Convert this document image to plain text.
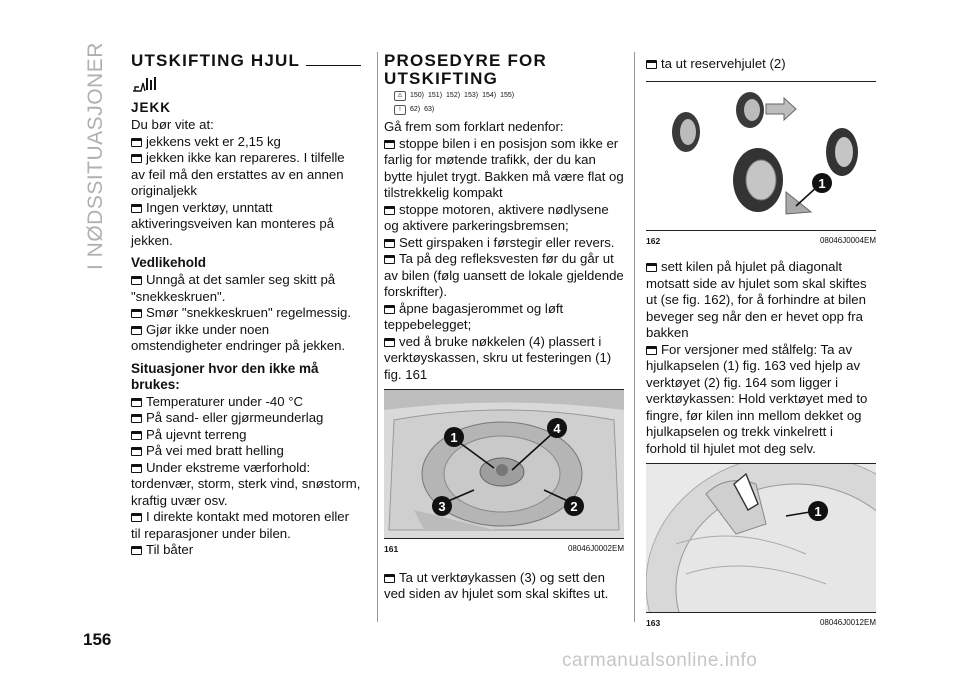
I NØDSSITUASJONER UTSKIFTING HJUL
JEKK

Du bør vite at:

jekkens vekt er 2,15 kg

jekken ikke kan repareres. I tilfelle av feil må den erstattes av en annen originaljekk

Ingen verktøy, unntatt aktiveringsveiven kan monteres på jekken.

Vedlikehold

Unngå at det samler seg skitt på "snekkeskruen".

Smør "snekkeskruen" regelmessig.

Gjør ikke under noen omstendigheter endringer på jekken.

Situasjoner hvor den ikke må brukes:

Temperaturer under -40 °C

På sand- eller gjørmeunderlag

På ujevnt terreng

På vei med bratt helling

Under ekstreme værforhold: tordenvær, storm, sterk vind, snøstorm, kraftig uvær osv.

I direkte kontakt med motoren eller til reparasjoner under bilen.

Til båter

PROSEDYRE FOR
UTSKIFTING
⚠	150) 151) 152) 153) 154) 155)
!	62) 63)

Gå frem som forklart nedenfor:

stoppe bilen i en posisjon som ikke er farlig for møtende trafikk, der du kan bytte hjulet trygt. Bakken må være flat og tilstrekkelig kompakt

stoppe motoren, aktivere nødlysene og aktivere parkeringsbremsen;

Sett girspaken i førstegir eller revers.

Ta på deg refleksvesten før du går ut av bilen (følg uansett de lokale gjeldende forskrifter).

åpne bagasjerommet og løft teppebelegget;

ved å bruke nøkkelen (4) plassert i verktøyskassen, skru ut festeringen (1) fig. 161

1
4
3	2
161	08046J0002EM

Ta ut verktøykassen (3) og sett den ved siden av hjulet som skal skiftes ut.

ta ut reservehjulet (2)

1
162	08046J0004EM

sett kilen på hjulet på diagonalt motsatt side av hjulet som skal skiftes ut (se fig. 162), for å forhindre at bilen beveger seg når den er hevet opp fra bakken

For versjoner med stålfelg: Ta av hjulkapselen (1) fig. 163 ved hjelp av verktøyet (2) fig. 164 som ligger i verktøykassen: Hold verktøyet med to fingre, før kilen inn mellom dekket og hjulkapselen og trekk vinkelrett i forhold til hjulet mot deg selv.

1
163	08046J0012EM
156
carmanualsonline.info
